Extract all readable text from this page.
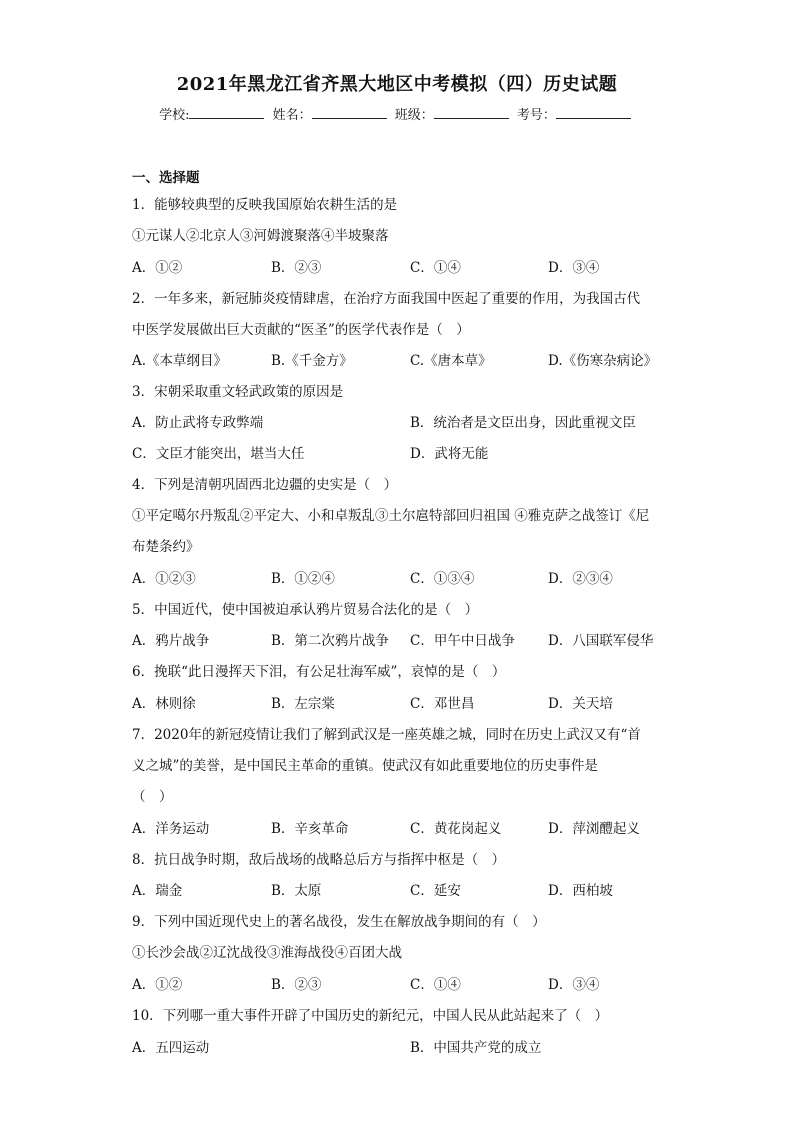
2021年黑龙江省齐黑大地区中考模拟（四）历史试题
学校:	姓名：	班级：	考号：
一、选择题
1．能够较典型的反映我国原始农耕生活的是
①元谋人②北京人③河姆渡聚落④半坡聚落
A．①②	B．②③	C．①④	D．③④
2．一年多来，新冠肺炎疫情肆虐，在治疗方面我国中医起了重要的作用，为我国古代
中医学发展做出巨大贡献的“医圣”的医学代表作是（　）
A.《本草纲目》	B.《千金方》	C.《唐本草》	D.《伤寒杂病论》
3．宋朝采取重文轻武政策的原因是
A．防止武将专政弊端	B．统治者是文臣出身，因此重视文臣
C．文臣才能突出，堪当大任	D．武将无能
4．下列是清朝巩固西北边疆的史实是（　）
①平定噶尔丹叛乱②平定大、小和卓叛乱③土尔扈特部回归祖国 ④雅克萨之战签订《尼
布楚条约》
A．①②③	B．①②④	C．①③④	D．②③④
5．中国近代，使中国被迫承认鸦片贸易合法化的是（　）
A．鸦片战争	B．第二次鸦片战争 C．甲午中日战争 D．八国联军侵华
6．挽联“此日漫挥天下泪，有公足壮海军威”，哀悼的是（　）
A．林则徐	B．左宗棠	C．邓世昌	D．关天培
7．2020年的新冠疫情让我们了解到武汉是一座英雄之城，同时在历史上武汉又有“首
义之城”的美誉，是中国民主革命的重镇。使武汉有如此重要地位的历史事件是
（　）
A．洋务运动	B．辛亥革命	C．黄花岗起义	D．萍浏醴起义
8．抗日战争时期，敌后战场的战略总后方与指挥中枢是（　）
A．瑞金	B．太原	C．延安	D．西柏坡
9．下列中国近现代史上的著名战役，发生在解放战争期间的有（　）
①长沙会战②辽沈战役③淮海战役④百团大战
A．①②	B．②③	C．①④	D．③④
10．下列哪一重大事件开辟了中国历史的新纪元，中国人民从此站起来了（　）
A．五四运动	B．中国共产党的成立
